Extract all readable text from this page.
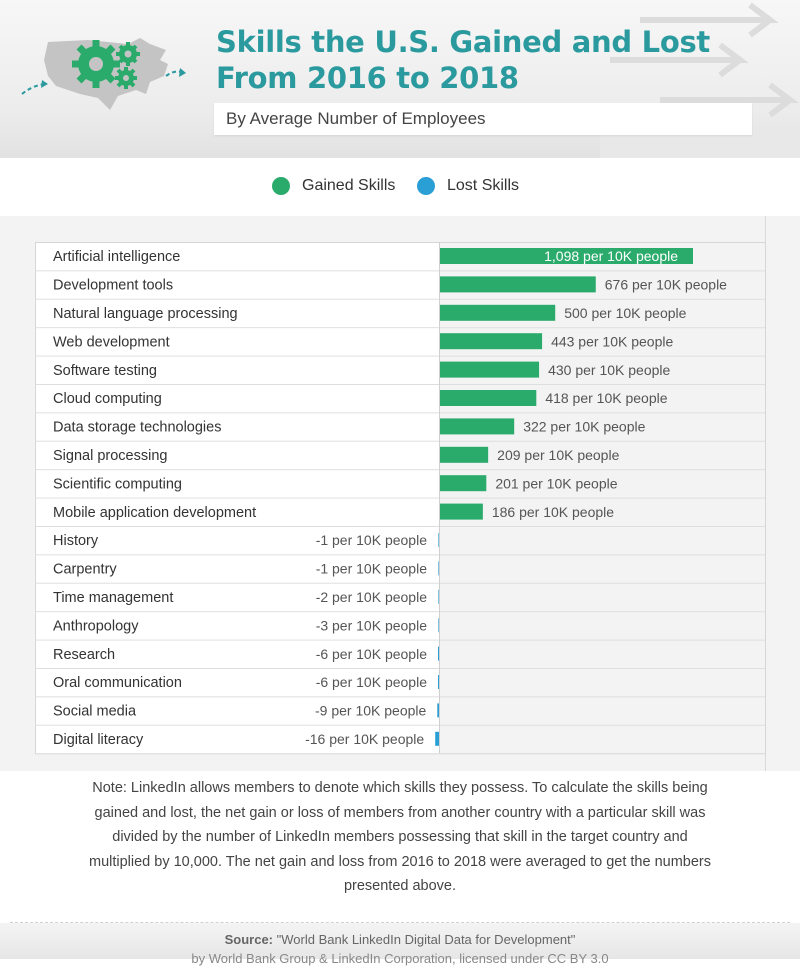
Skills the U.S. Gained and Lost
From 2016 to 2018
By Average Number of Employees
Gained Skills	Lost Skills
Artificial intelligence	1,098 per 10K people
Development tools	676 per 10K people
Natural language processing	500 per 10K people
Web development	443 per 10K people
Software testing	430 per 10K people
Cloud computing	418 per 10K people
Data storage technologies	322 per 10K people
Signal processing	209 per 10K people
Scientific computing	201 per 10K people
Mobile application development	186 per 10K people
History	-1 per 10K people
Carpentry	-1 per 10K people
Time management	-2 per 10K people
Anthropology	-3 per 10K people
Research	-6 per 10K people
Oral communication	-6 per 10K people
Social media	-9 per 10K people
Digital literacy	-16 per 10K people
Note: LinkedIn allows members to denote which skills they possess. To calculate the skills being gained and lost, the net gain or loss of members from another country with a particular skill was divided by the number of LinkedIn members possessing that skill in the target country and multiplied by 10,000. The net gain and loss from 2016 to 2018 were averaged to get the numbers presented above.
Source: "World Bank LinkedIn Digital Data for Development"
by World Bank Group & LinkedIn Corporation, licensed under CC BY 3.0
